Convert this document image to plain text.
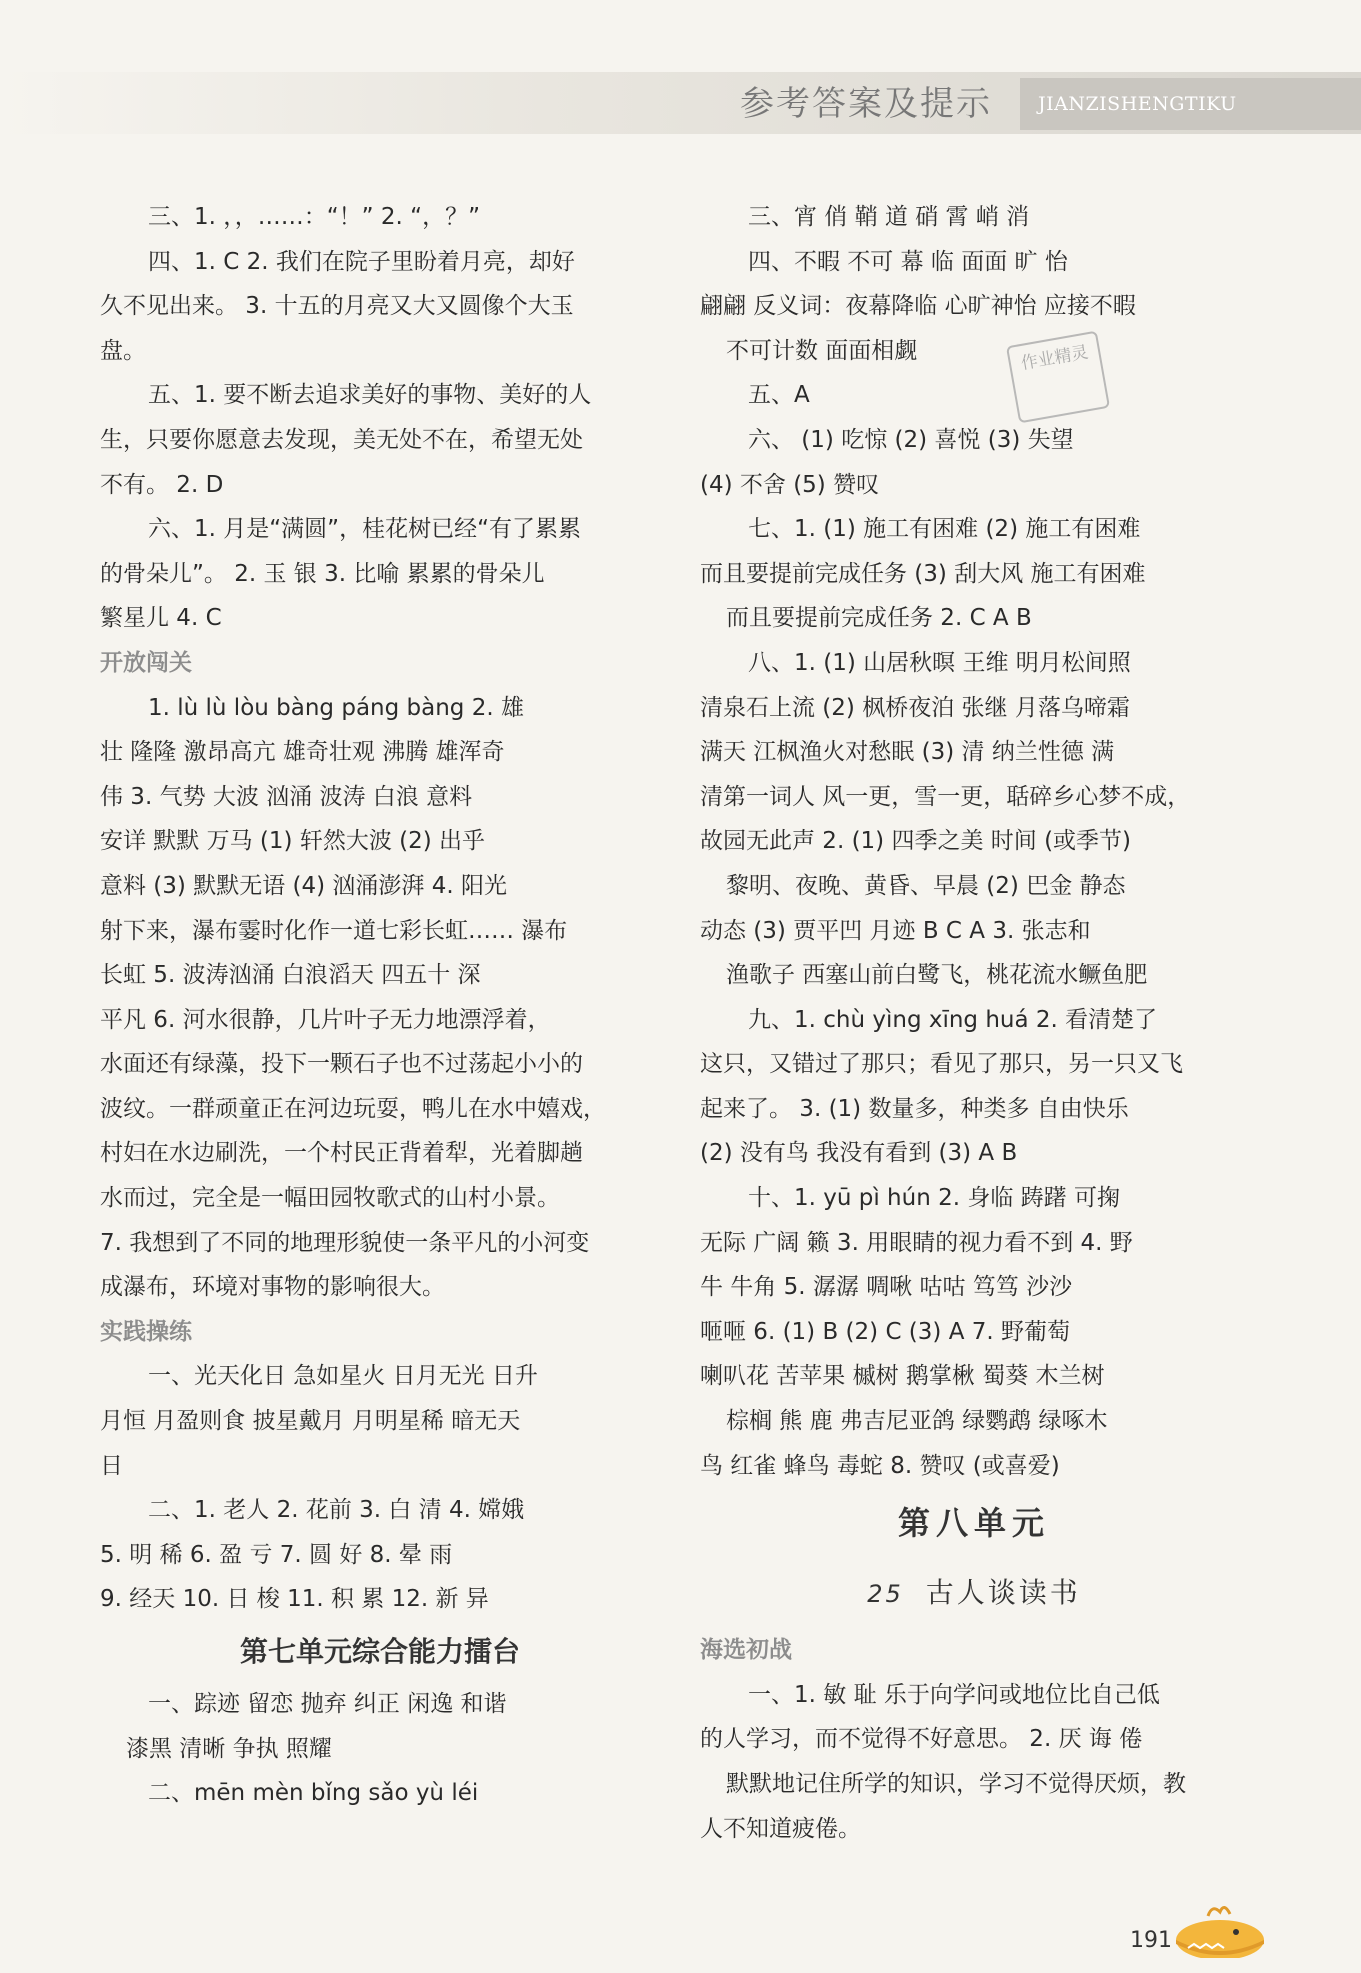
参考答案及提示	JIANZISHENGTIKU
三、1. ，，……：“！” 2. “，？”
四、1. C 2. 我们在院子里盼着月亮，却好
久不见出来。 3. 十五的月亮又大又圆像个大玉
盘。
五、1. 要不断去追求美好的事物、美好的人
生，只要你愿意去发现，美无处不在，希望无处
不有。 2. D
六、1. 月是“满圆”，桂花树已经“有了累累
的骨朵儿”。 2. 玉 银 3. 比喻 累累的骨朵儿
繁星儿 4. C
开放闯关
1. lù lù lòu bàng páng bàng 2. 雄
壮 隆隆 激昂高亢 雄奇壮观 沸腾 雄浑奇
伟 3. 气势 大波 汹涌 波涛 白浪 意料
安详 默默 万马 (1) 轩然大波 (2) 出乎
意料 (3) 默默无语 (4) 汹涌澎湃 4. 阳光
射下来，瀑布霎时化作一道七彩长虹…… 瀑布
长虹 5. 波涛汹涌 白浪滔天 四五十 深
平凡 6. 河水很静，几片叶子无力地漂浮着，
水面还有绿藻，投下一颗石子也不过荡起小小的
波纹。一群顽童正在河边玩耍，鸭儿在水中嬉戏，
村妇在水边刷洗，一个村民正背着犁，光着脚趟
水而过，完全是一幅田园牧歌式的山村小景。
7. 我想到了不同的地理形貌使一条平凡的小河变
成瀑布，环境对事物的影响很大。
实践操练
一、光天化日 急如星火 日月无光 日升
月恒 月盈则食 披星戴月 月明星稀 暗无天
日
二、1. 老人 2. 花前 3. 白 清 4. 嫦娥
5. 明 稀 6. 盈 亏 7. 圆 好 8. 晕 雨
9. 经天 10. 日 梭 11. 积 累 12. 新 异
第七单元综合能力擂台
一、踪迹 留恋 抛弃 纠正 闲逸 和谐
漆黑 清晰 争执 照耀
二、mēn mèn bǐng sǎo yù léi
三、宵 俏 鞘 道 硝 霄 峭 消
四、不暇 不可 幕 临 面面 旷 怡
翩翩 反义词：夜幕降临 心旷神怡 应接不暇
不可计数 面面相觑
五、A
六、 (1) 吃惊 (2) 喜悦 (3) 失望
(4) 不舍 (5) 赞叹
七、1. (1) 施工有困难 (2) 施工有困难
而且要提前完成任务 (3) 刮大风 施工有困难
而且要提前完成任务 2. C A B
八、1. (1) 山居秋暝 王维 明月松间照
清泉石上流 (2) 枫桥夜泊 张继 月落乌啼霜
满天 江枫渔火对愁眠 (3) 清 纳兰性德 满
清第一词人 风一更，雪一更，聒碎乡心梦不成，
故园无此声 2. (1) 四季之美 时间 (或季节)
黎明、夜晚、黄昏、早晨 (2) 巴金 静态
动态 (3) 贾平凹 月迹 B C A 3. 张志和
渔歌子 西塞山前白鹭飞，桃花流水鳜鱼肥
九、1. chù yìng xīng huá 2. 看清楚了
这只，又错过了那只；看见了那只，另一只又飞
起来了。 3. (1) 数量多，种类多 自由快乐
(2) 没有鸟 我没有看到 (3) A B
十、1. yū pì hún 2. 身临 踌躇 可掬
无际 广阔 籁 3. 用眼睛的视力看不到 4. 野
牛 牛角 5. 潺潺 啁啾 咕咕 笃笃 沙沙
咂咂 6. (1) B (2) C (3) A 7. 野葡萄
喇叭花 苦苹果 槭树 鹅掌楸 蜀葵 木兰树
棕榈 熊 鹿 弗吉尼亚鸽 绿鹦鹉 绿啄木
鸟 红雀 蜂鸟 毒蛇 8. 赞叹 (或喜爱)
第八单元
25 古人谈读书
海选初战
一、1. 敏 耻 乐于向学问或地位比自己低
的人学习，而不觉得不好意思。 2. 厌 诲 倦
默默地记住所学的知识，学习不觉得厌烦，教
人不知道疲倦。
作业精灵
191
